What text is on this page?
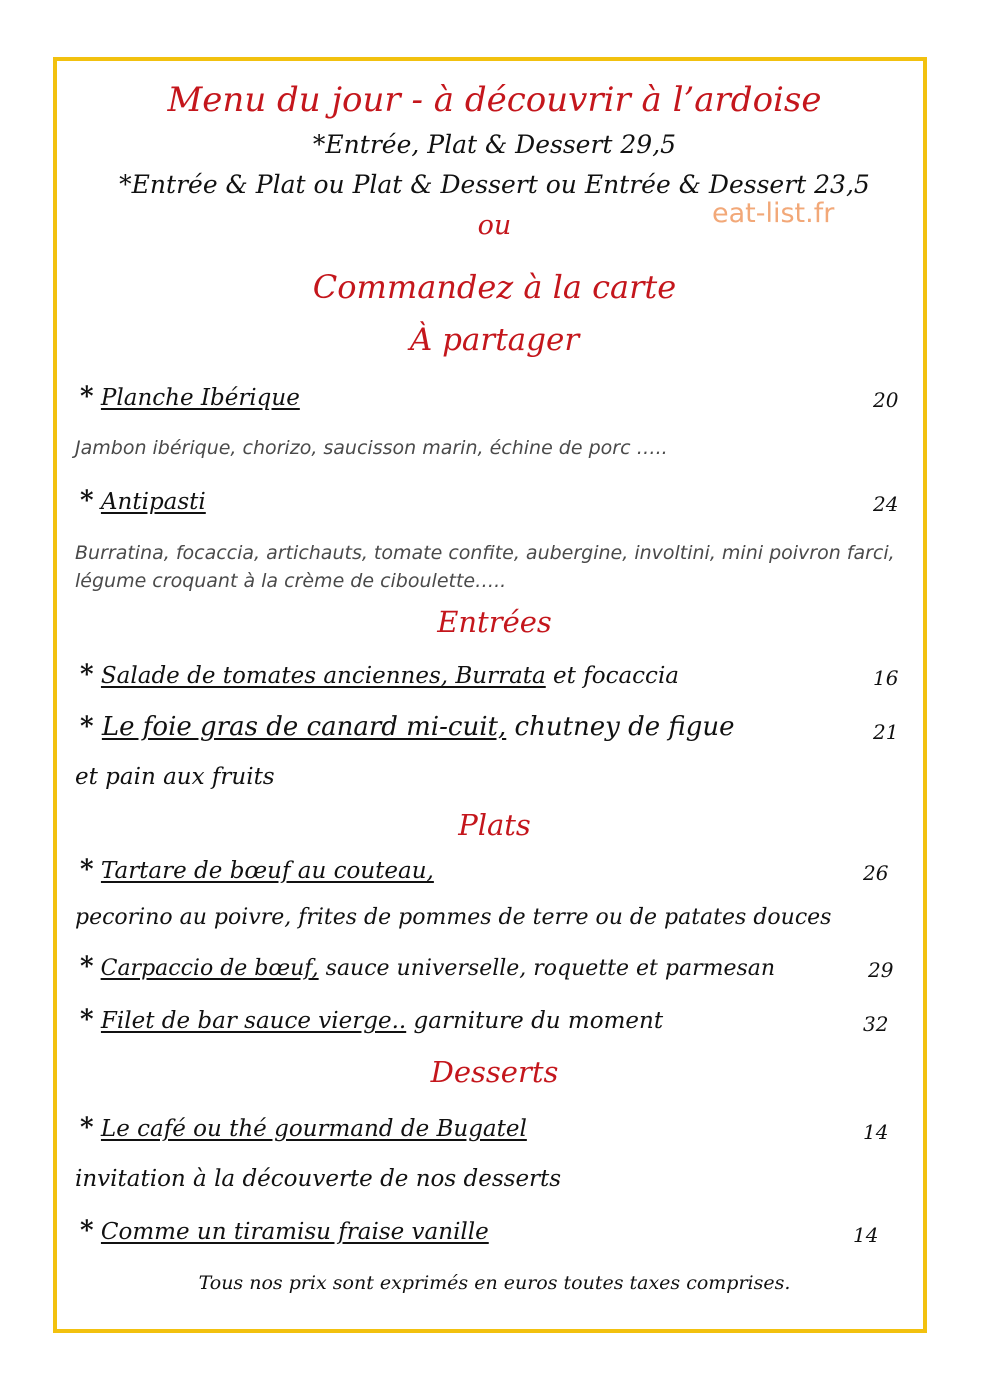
Menu du jour - à découvrir à l’ardoise
*Entrée, Plat & Dessert 29,5
*Entrée & Plat ou Plat & Dessert ou Entrée & Dessert 23,5
ou	eat-list.fr
Commandez à la carte
À partager
* Planche Ibérique	20
Jambon ibérique, chorizo, saucisson marin, échine de porc …..
* Antipasti	24
Burratina, focaccia, artichauts, tomate confite, aubergine, involtini, mini poivron farci, légume croquant à la crème de ciboulette…..
Entrées
* Salade de tomates anciennes, Burrata et focaccia	16
* Le foie gras de canard mi-cuit, chutney de figue	21
et pain aux fruits
Plats
* Tartare de bœuf au couteau,	26
pecorino au poivre, frites de pommes de terre ou de patates douces
* Carpaccio de bœuf, sauce universelle, roquette et parmesan	29
* Filet de bar sauce vierge.. garniture du moment	32
Desserts
* Le café ou thé gourmand de Bugatel	14
invitation à la découverte de nos desserts
* Comme un tiramisu fraise vanille	14
Tous nos prix sont exprimés en euros toutes taxes comprises.
